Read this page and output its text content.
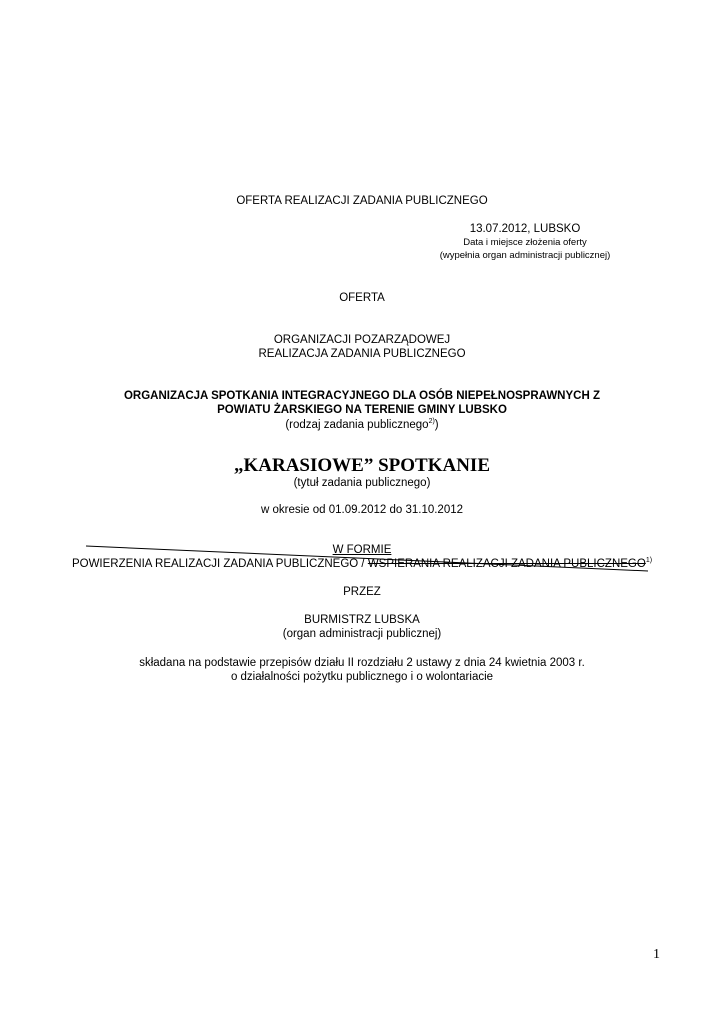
OFERTA REALIZACJI ZADANIA PUBLICZNEGO
13.07.2012, LUBSKO
Data i miejsce złożenia oferty
(wypełnia organ administracji publicznej)
OFERTA
ORGANIZACJI POZARZĄDOWEJ
REALIZACJA ZADANIA PUBLICZNEGO
ORGANIZACJA SPOTKANIA INTEGRACYJNEGO DLA OSÓB NIEPEŁNOSPRAWNYCH Z
POWIATU ŻARSKIEGO NA TERENIE GMINY LUBSKO
(rodzaj zadania publicznego$^{2)}$)
„KARASIOWE” SPOTKANIE
(tytuł zadania publicznego)
w okresie od 01.09.2012 do 31.10.2012
W FORMIE
POWIERZENIA REALIZACJI ZADANIA PUBLICZNEGO / WSPIERANIA REALIZACJI ZADANIA PUBLICZNEGO$^{1)}$
PRZEZ
BURMISTRZ LUBSKA
(organ administracji publicznej)
składana na podstawie przepisów działu II rozdziału 2 ustawy z dnia 24 kwietnia 2003 r.
o działalności pożytku publicznego i o wolontariacie
1
